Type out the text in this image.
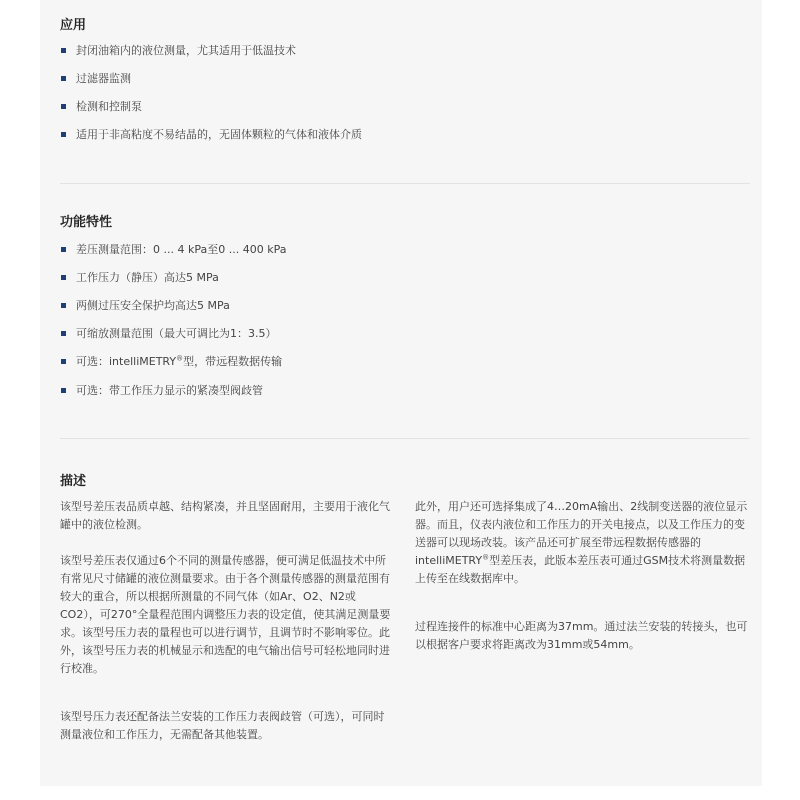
应用
封闭油箱内的液位测量，尤其适用于低温技术
过滤器监测
检测和控制泵
适用于非高粘度不易结晶的，无固体颗粒的气体和液体介质
功能特性
差压测量范围：0 ... 4 kPa至0 ... 400 kPa
工作压力（静压）高达5 MPa
两侧过压安全保护均高达5 MPa
可缩放测量范围（最大可调比为1：3.5）
可选：intelliMETRY®型，带远程数据传输
可选：带工作压力显示的紧凑型阀歧管
描述

该型号差压表品质卓越、结构紧凑，并且坚固耐用，主要用于液化气罐中的液位检测。

该型号差压表仅通过6个不同的测量传感器，便可满足低温技术中所有常见尺寸储罐的液位测量要求。由于各个测量传感器的测量范围有较大的重合，所以根据所测量的不同气体（如Ar、O2、N2或CO2），可270°全量程范围内调整压力表的设定值，使其满足测量要求。该型号压力表的量程也可以进行调节，且调节时不影响零位。此外，该型号压力表的机械显示和选配的电气输出信号可轻松地同时进行校准。

该型号压力表还配备法兰安装的工作压力表阀歧管（可选），可同时测量液位和工作压力，无需配备其他装置。

此外，用户还可选择集成了4…20mA输出、2线制变送器的液位显示器。而且，仪表内液位和工作压力的开关电接点，以及工作压力的变送器可以现场改装。该产品还可扩展至带远程数据传感器的intelliMETRY®型差压表，此版本差压表可通过GSM技术将测量数据上传至在线数据库中。

过程连接件的标准中心距离为37mm。通过法兰安装的转接头，也可以根据客户要求将距离改为31mm或54mm。
